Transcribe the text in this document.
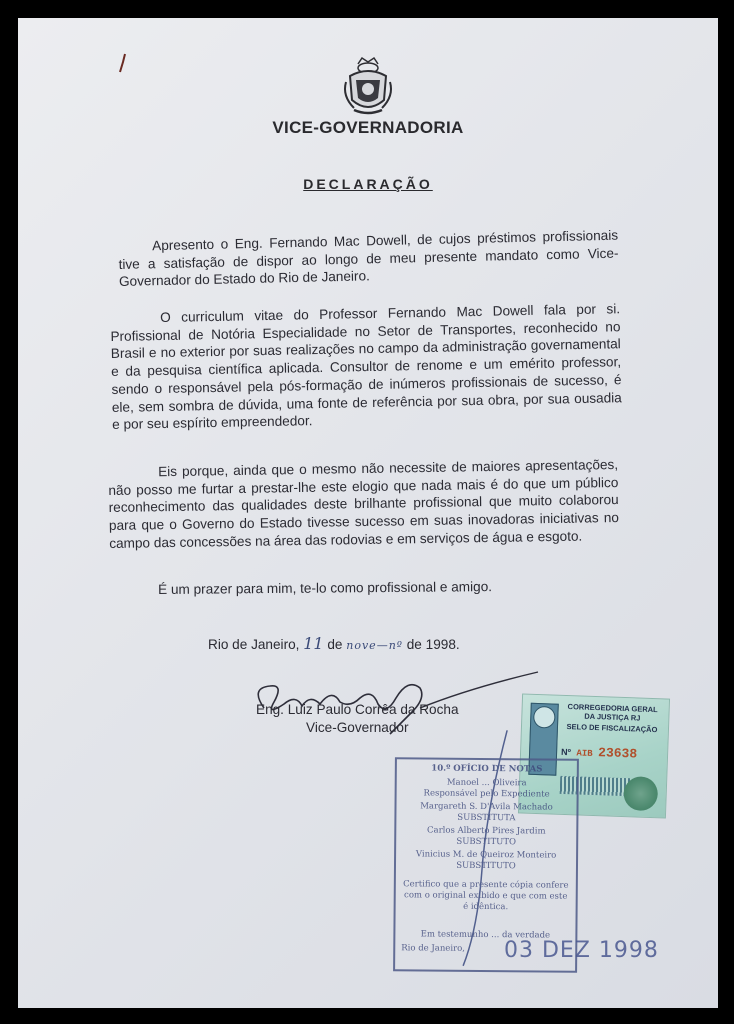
VICE-GOVERNADORIA
DECLARAÇÃO

Apresento o Eng. Fernando Mac Dowell, de cujos préstimos profissionais tive a satisfação de dispor ao longo de meu presente mandato como Vice-Governador do Estado do Rio de Janeiro.

O curriculum vitae do Professor Fernando Mac Dowell fala por si. Profissional de Notória Especialidade no Setor de Transportes, reconhecido no Brasil e no exterior por suas realizações no campo da administração governamental e da pesquisa científica aplicada. Consultor de renome e um emérito professor, sendo o responsável pela pós-formação de inúmeros profissionais de sucesso, é ele, sem sombra de dúvida, uma fonte de referência por sua obra, por sua ousadia e por seu espírito empreendedor.

Eis porque, ainda que o mesmo não necessite de maiores apresentações, não posso me furtar a prestar-lhe este elogio que nada mais é do que um público reconhecimento das qualidades deste brilhante profissional que muito colaborou para que o Governo do Estado tivesse sucesso em suas inovadoras iniciativas no campo das concessões na área das rodovias e em serviços de água e esgoto.

É um prazer para mim, te-lo como profissional e amigo.

Rio de Janeiro, 11 de nove—nº de 1998.
Eng. Luiz Paulo Corrêa da Rocha
Vice-Governador
CORREGEDORIA GERAL
DA JUSTIÇA RJ
SELO DE FISCALIZAÇÃO
Nº AIB 23638
10.º OFÍCIO DE NOTAS
Manoel ... Oliveira
Responsável pelo Expediente
Margareth S. D'Avila Machado
SUBSTITUTA
Carlos Alberto Pires Jardim
SUBSTITUTO
Vinicius M. de Queiroz Monteiro
SUBSTITUTO
Certifico que a presente cópia confere
com o original exibido e que com este
é idêntica.
Em testemunho ... da verdade
Rio de Janeiro,	03 DEZ 1998
